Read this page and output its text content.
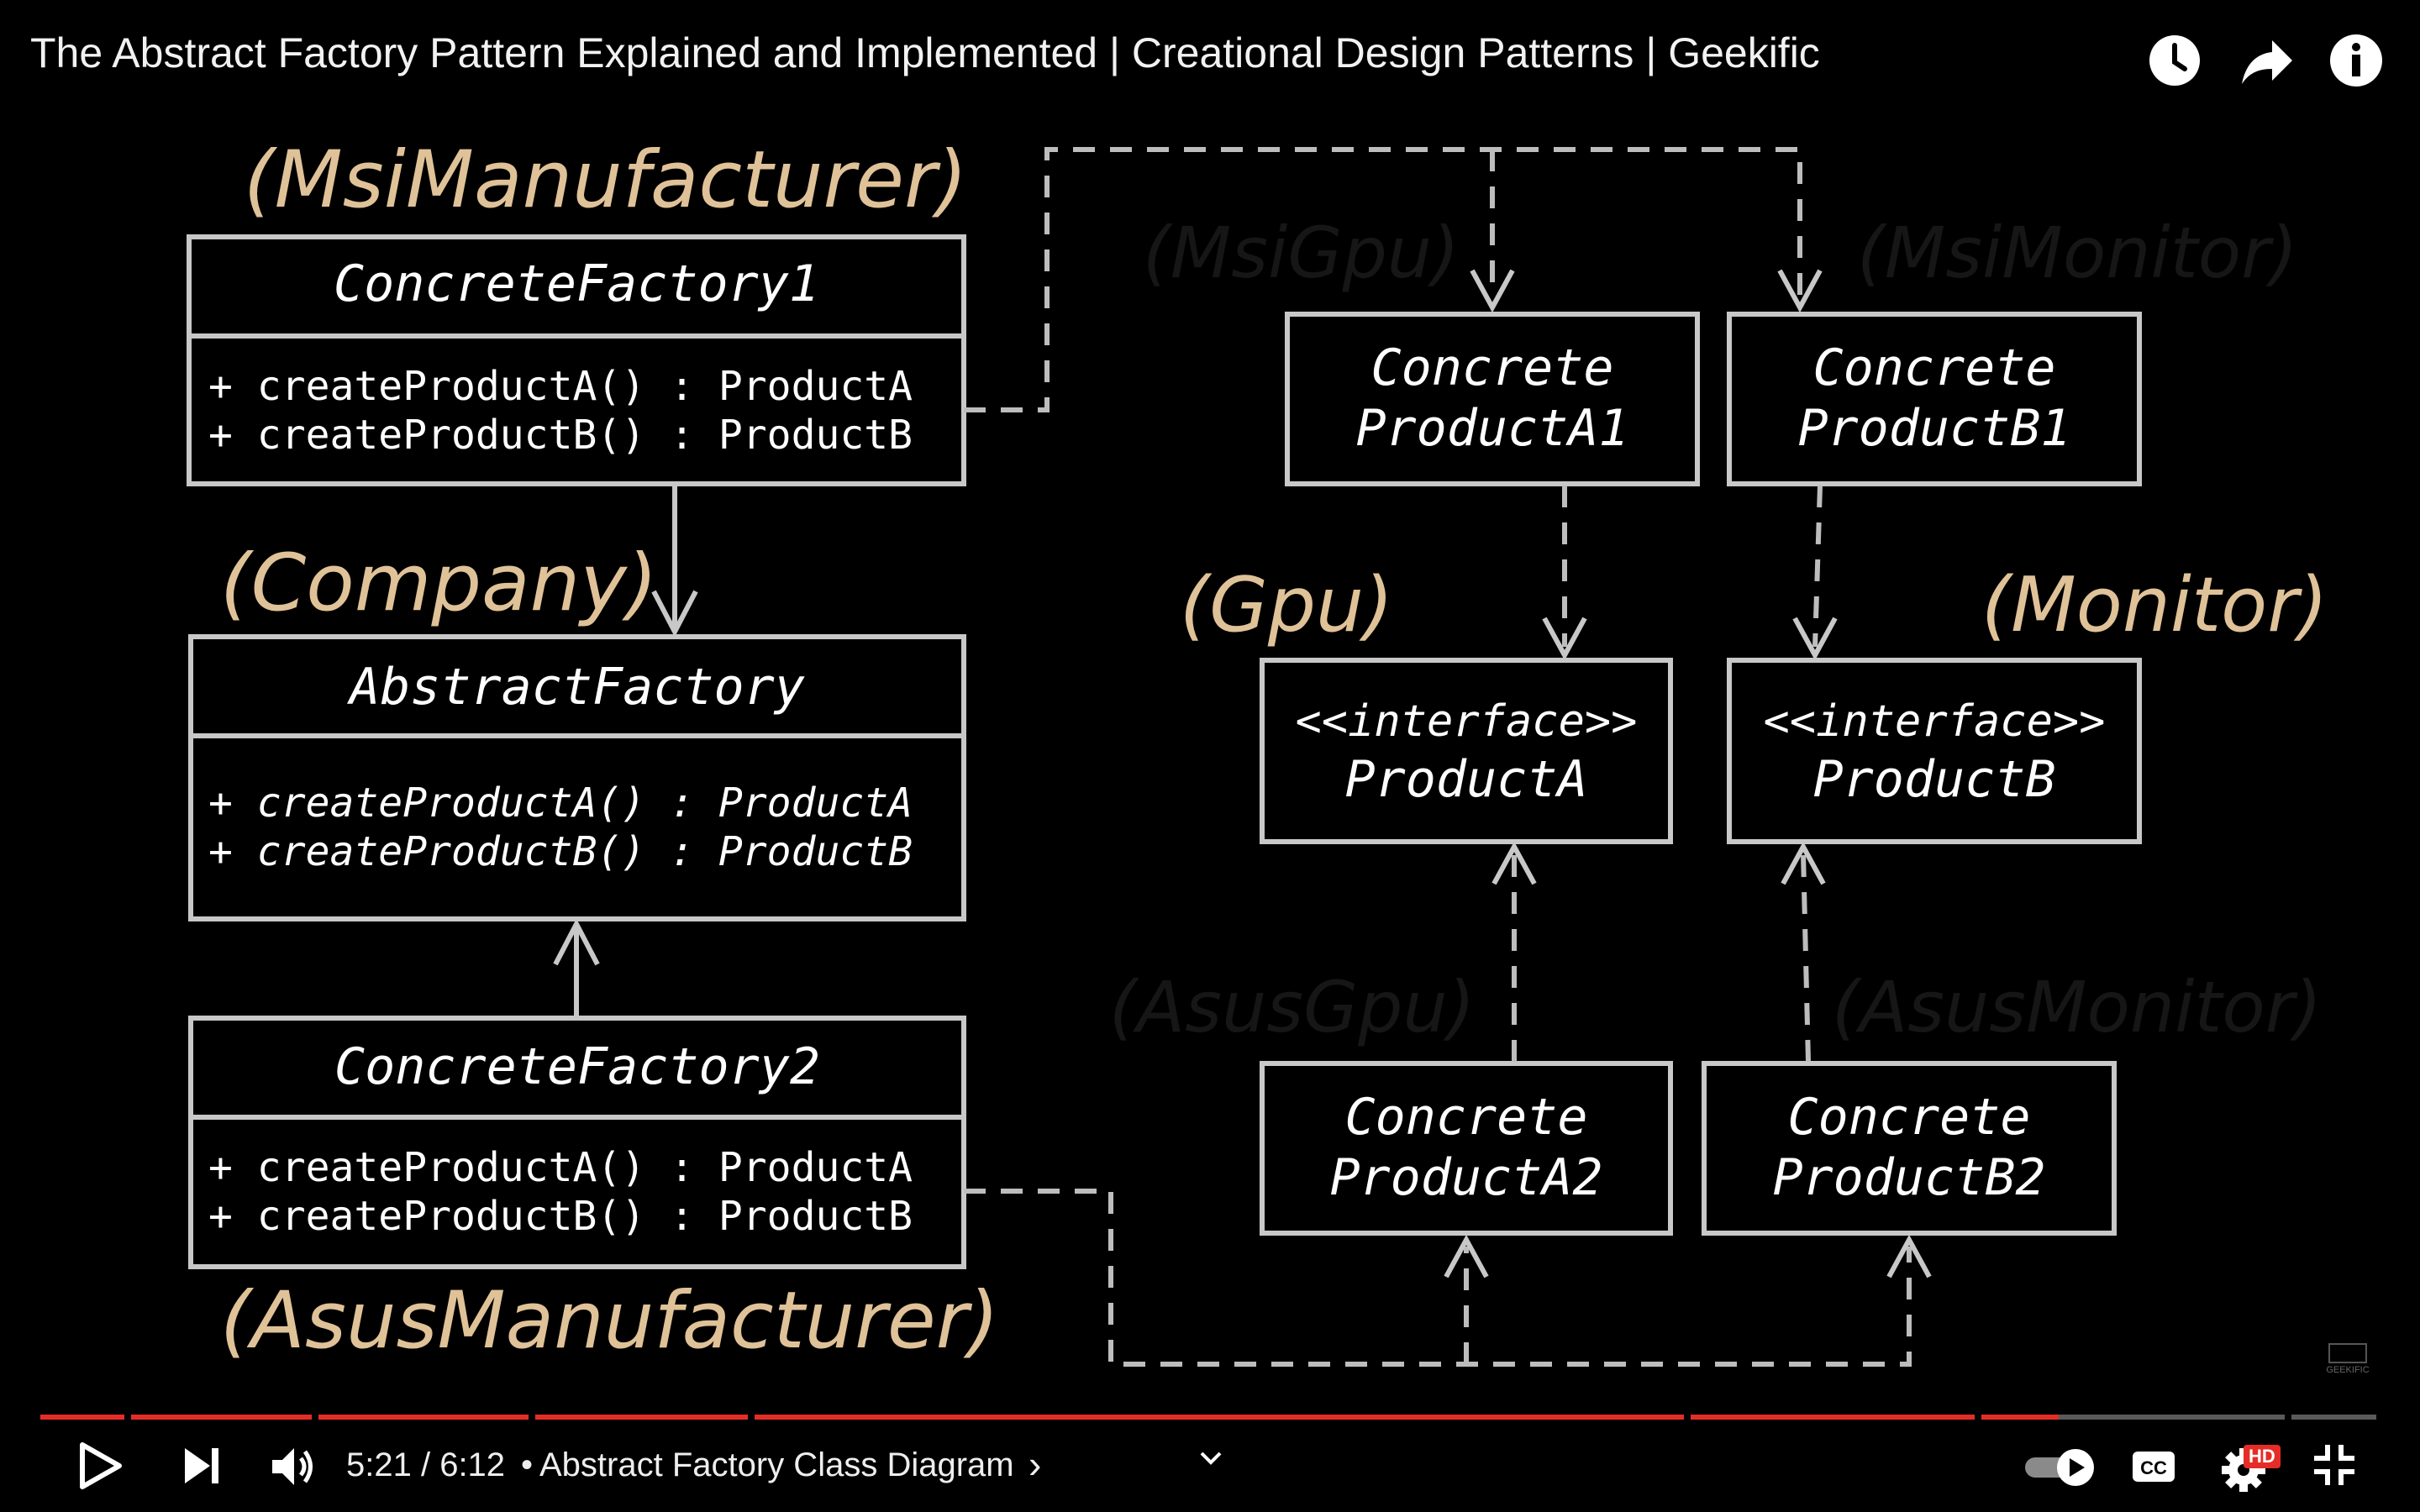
The Abstract Factory Pattern Explained and Implemented | Creational Design Patterns | Geekific
(MsiManufacturer)
(Company)
(AsusManufacturer)
(Gpu)	(Monitor)
(MsiGpu)	(MsiMonitor)
(AsusGpu)	(AsusMonitor)
ConcreteFactory1
+ createProductA() : ProductA
+ createProductB() : ProductB
AbstractFactory
+ createProductA() : ProductA
+ createProductB() : ProductB
ConcreteFactory2
+ createProductA() : ProductA
+ createProductB() : ProductB
Concrete
ProductA1
Concrete
ProductB1
<<interface>>
ProductA
<<interface>>
ProductB
Concrete
ProductA2
Concrete
ProductB2
GEEKIFIC
5:21 / 6:12 • Abstract Factory Class Diagram ›	CC
HD
